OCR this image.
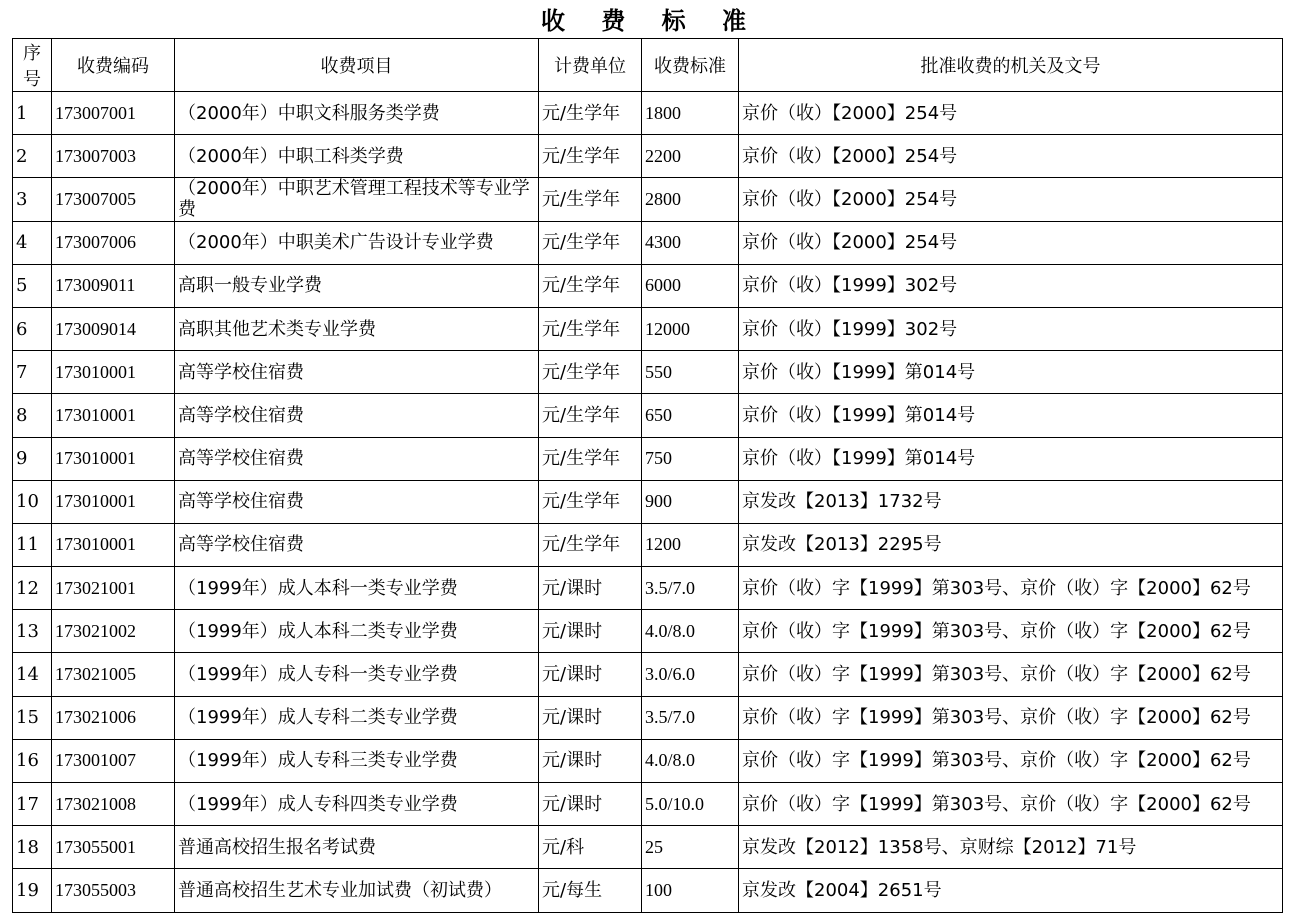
收 费 标 准
序号	收费编码	收费项目	计费单位	收费标准	批准收费的机关及文号
1	173007001	（2000年）中职文科服务类学费	元/生学年	1800	京价（收）【2000】254号
2	173007003	（2000年）中职工科类学费	元/生学年	2200	京价（收）【2000】254号
3	173007005	（2000年）中职艺术管理工程技术等专业学费	元/生学年	2800	京价（收）【2000】254号
4	173007006	（2000年）中职美术广告设计专业学费	元/生学年	4300	京价（收）【2000】254号
5	173009011	高职一般专业学费	元/生学年	6000	京价（收）【1999】302号
6	173009014	高职其他艺术类专业学费	元/生学年	12000	京价（收）【1999】302号
7	173010001	高等学校住宿费	元/生学年	550	京价（收）【1999】第014号
8	173010001	高等学校住宿费	元/生学年	650	京价（收）【1999】第014号
9	173010001	高等学校住宿费	元/生学年	750	京价（收）【1999】第014号
10	173010001	高等学校住宿费	元/生学年	900	京发改【2013】1732号
11	173010001	高等学校住宿费	元/生学年	1200	京发改【2013】2295号
12	173021001	（1999年）成人本科一类专业学费	元/课时	3.5/7.0	京价（收）字【1999】第303号、京价（收）字【2000】62号
13	173021002	（1999年）成人本科二类专业学费	元/课时	4.0/8.0	京价（收）字【1999】第303号、京价（收）字【2000】62号
14	173021005	（1999年）成人专科一类专业学费	元/课时	3.0/6.0	京价（收）字【1999】第303号、京价（收）字【2000】62号
15	173021006	（1999年）成人专科二类专业学费	元/课时	3.5/7.0	京价（收）字【1999】第303号、京价（收）字【2000】62号
16	173001007	（1999年）成人专科三类专业学费	元/课时	4.0/8.0	京价（收）字【1999】第303号、京价（收）字【2000】62号
17	173021008	（1999年）成人专科四类专业学费	元/课时	5.0/10.0	京价（收）字【1999】第303号、京价（收）字【2000】62号
18	173055001	普通高校招生报名考试费	元/科	25	京发改【2012】1358号、京财综【2012】71号
19	173055003	普通高校招生艺术专业加试费（初试费）	元/每生	100	京发改【2004】2651号
